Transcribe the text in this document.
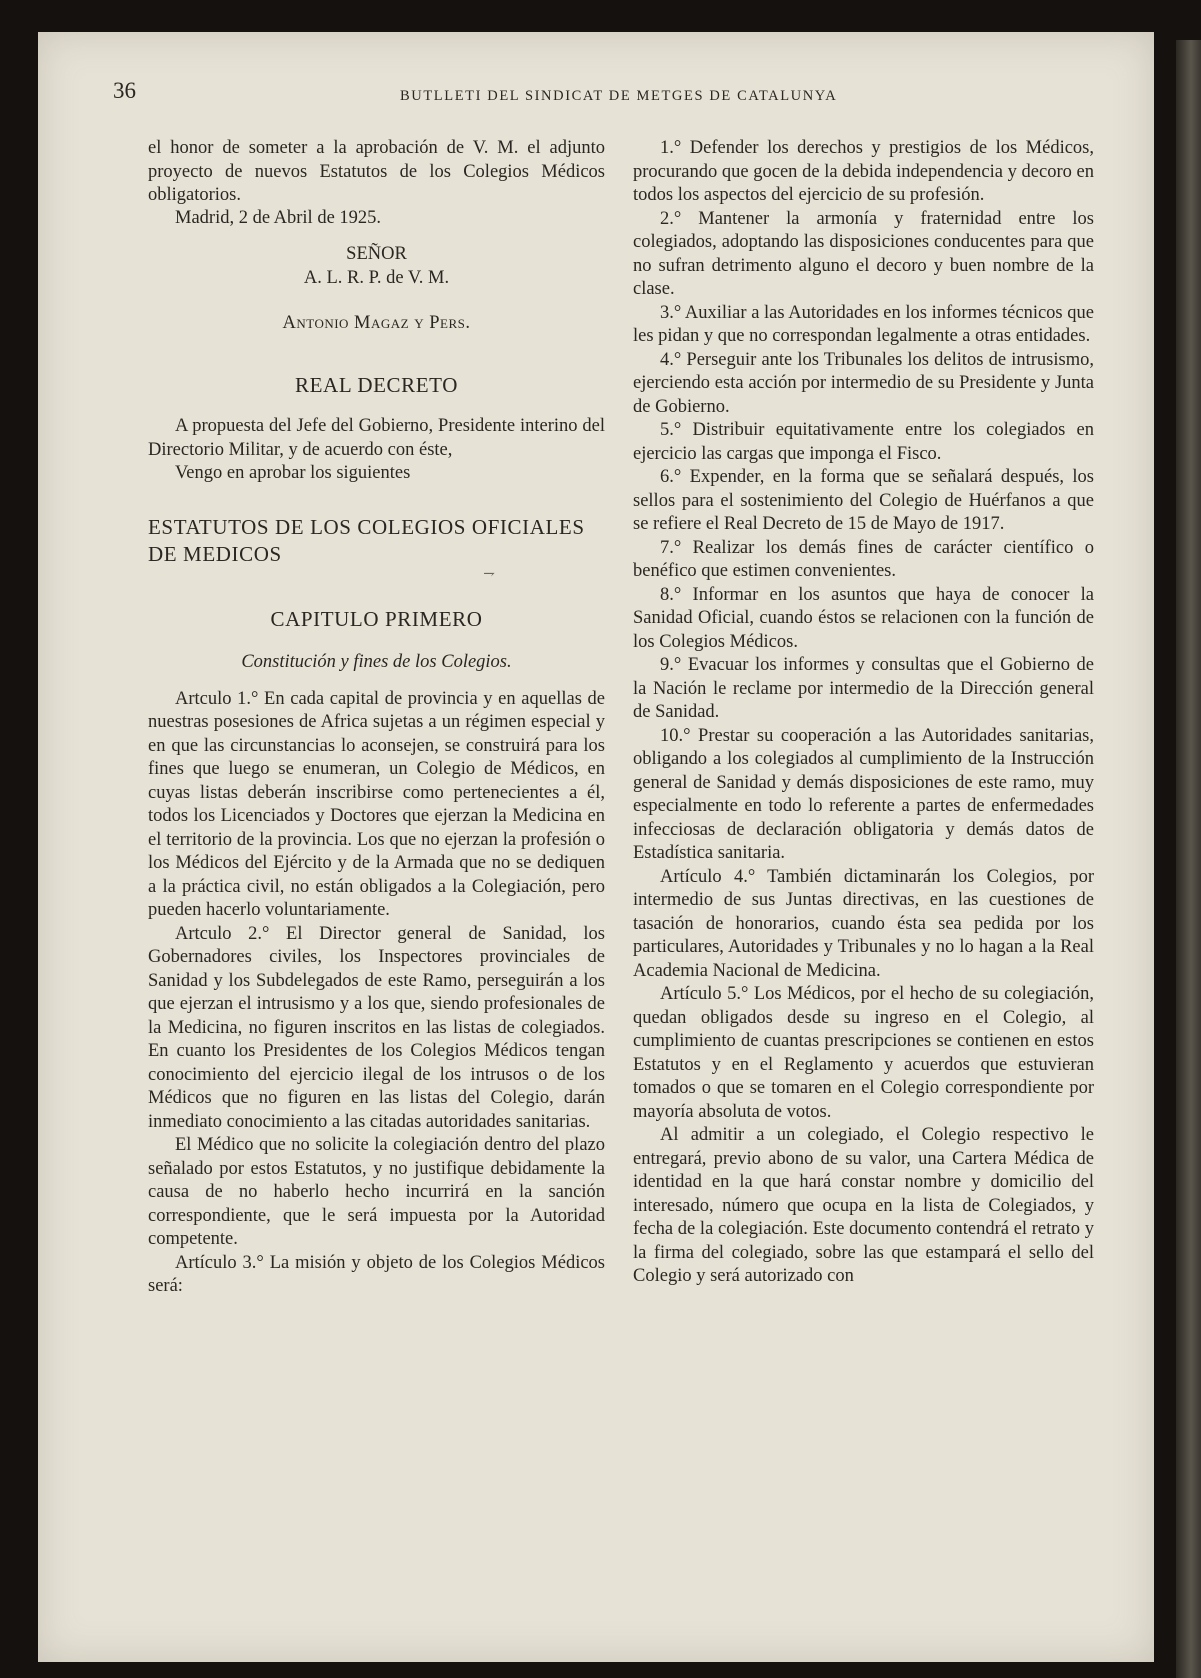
36	BUTLLETI DEL SINDICAT DE METGES DE CATALUNYA

el honor de someter a la aprobación de V. M. el adjunto proyecto de nuevos Estatutos de los Colegios Médicos obligatorios.

Madrid, 2 de Abril de 1925.

SEÑOR

A. L. R. P. de V. M.

Antonio Magaz y Pers.

REAL DECRETO

A propuesta del Jefe del Gobierno, Presidente interino del Directorio Militar, y de acuerdo con éste,

Vengo en aprobar los siguientes

ESTATUTOS DE LOS COLEGIOS OFICIALES DE MEDICOS

⇁

CAPITULO PRIMERO

Constitución y fines de los Colegios.

Artculo 1.° En cada capital de provincia y en aquellas de nuestras posesiones de Africa sujetas a un régimen especial y en que las circunstancias lo aconsejen, se construirá para los fines que luego se enumeran, un Colegio de Médicos, en cuyas listas deberán inscribirse como pertenecientes a él, todos los Licenciados y Doctores que ejerzan la Medicina en el territorio de la provincia. Los que no ejerzan la profesión o los Médicos del Ejército y de la Armada que no se dediquen a la práctica civil, no están obligados a la Colegiación, pero pueden hacerlo voluntariamente.

Artculo 2.° El Director general de Sanidad, los Gobernadores civiles, los Inspectores provinciales de Sanidad y los Subdelegados de este Ramo, perseguirán a los que ejerzan el intrusismo y a los que, siendo profesionales de la Medicina, no figuren inscritos en las listas de colegiados. En cuanto los Presidentes de los Colegios Médicos tengan conocimiento del ejercicio ilegal de los intrusos o de los Médicos que no figuren en las listas del Colegio, darán inmediato conocimiento a las citadas autoridades sanitarias.

El Médico que no solicite la colegiación dentro del plazo señalado por estos Estatutos, y no justifique debidamente la causa de no haberlo hecho incurrirá en la sanción correspondiente, que le será impuesta por la Autoridad competente.

Artículo 3.° La misión y objeto de los Colegios Médicos será:

1.° Defender los derechos y prestigios de los Médicos, procurando que gocen de la debida independencia y decoro en todos los aspectos del ejercicio de su profesión.

2.° Mantener la armonía y fraternidad entre los colegiados, adoptando las disposiciones conducentes para que no sufran detrimento alguno el decoro y buen nombre de la clase.

3.° Auxiliar a las Autoridades en los informes técnicos que les pidan y que no correspondan legalmente a otras entidades.

4.° Perseguir ante los Tribunales los delitos de intrusismo, ejerciendo esta acción por intermedio de su Presidente y Junta de Gobierno.

5.° Distribuir equitativamente entre los colegiados en ejercicio las cargas que imponga el Fisco.

6.° Expender, en la forma que se señalará después, los sellos para el sostenimiento del Colegio de Huérfanos a que se refiere el Real Decreto de 15 de Mayo de 1917.

7.° Realizar los demás fines de carácter científico o benéfico que estimen convenientes.

8.° Informar en los asuntos que haya de conocer la Sanidad Oficial, cuando éstos se relacionen con la función de los Colegios Médicos.

9.° Evacuar los informes y consultas que el Gobierno de la Nación le reclame por intermedio de la Dirección general de Sanidad.

10.° Prestar su cooperación a las Autoridades sanitarias, obligando a los colegiados al cumplimiento de la Instrucción general de Sanidad y demás disposiciones de este ramo, muy especialmente en todo lo referente a partes de enfermedades infecciosas de declaración obligatoria y demás datos de Estadística sanitaria.

Artículo 4.° También dictaminarán los Colegios, por intermedio de sus Juntas directivas, en las cuestiones de tasación de honorarios, cuando ésta sea pedida por los particulares, Autoridades y Tribunales y no lo hagan a la Real Academia Nacional de Medicina.

Artículo 5.° Los Médicos, por el hecho de su colegiación, quedan obligados desde su ingreso en el Colegio, al cumplimiento de cuantas prescripciones se contienen en estos Estatutos y en el Reglamento y acuerdos que estuvieran tomados o que se tomaren en el Colegio correspondiente por mayoría absoluta de votos.

Al admitir a un colegiado, el Colegio respectivo le entregará, previo abono de su valor, una Cartera Médica de identidad en la que hará constar nombre y domicilio del interesado, número que ocupa en la lista de Colegiados, y fecha de la colegiación. Este documento contendrá el retrato y la firma del colegiado, sobre las que estampará el sello del Colegio y será autorizado con
